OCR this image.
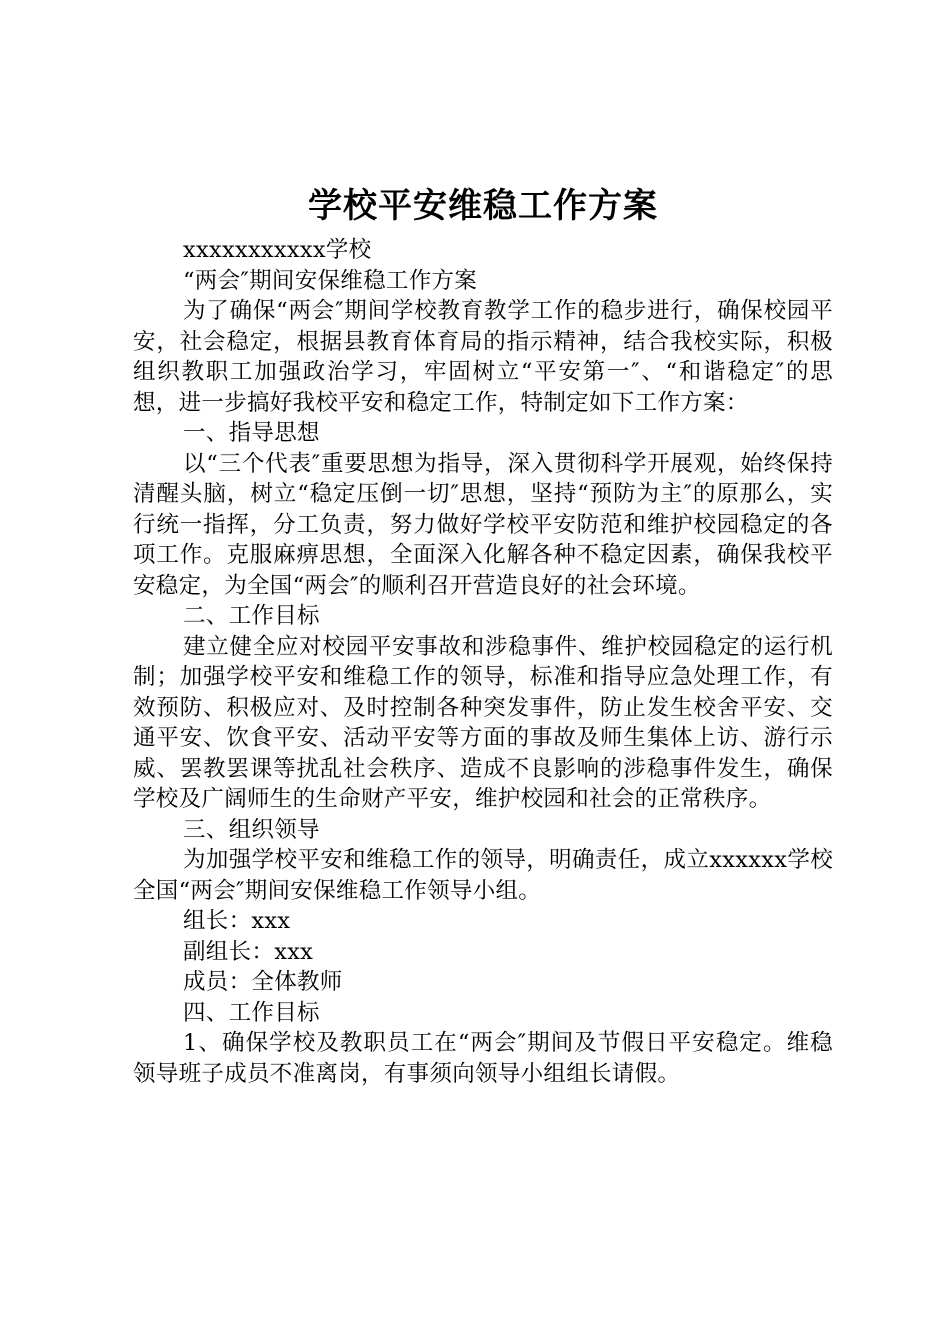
学校平安维稳工作方案

xxxxxxxxxxx学校

“两会″期间安保维稳工作方案

为了确保“两会″期间学校教育教学工作的稳步进行，确保校园平安，社会稳定，根据县教育体育局的指示精神，结合我校实际，积极组织教职工加强政治学习，牢固树立“平安第一″、“和谐稳定″的思想，进一步搞好我校平安和稳定工作，特制定如下工作方案：

一、指导思想

以“三个代表″重要思想为指导，深入贯彻科学开展观，始终保持清醒头脑，树立“稳定压倒一切″思想，坚持“预防为主″的原那么，实行统一指挥，分工负责，努力做好学校平安防范和维护校园稳定的各项工作。克服麻痹思想，全面深入化解各种不稳定因素，确保我校平安稳定，为全国“两会″的顺利召开营造良好的社会环境。

二、工作目标

建立健全应对校园平安事故和涉稳事件、维护校园稳定的运行机制；加强学校平安和维稳工作的领导，标准和指导应急处理工作，有效预防、积极应对、及时控制各种突发事件，防止发生校舍平安、交通平安、饮食平安、活动平安等方面的事故及师生集体上访、游行示威、罢教罢课等扰乱社会秩序、造成不良影响的涉稳事件发生，确保学校及广阔师生的生命财产平安，维护校园和社会的正常秩序。

三、组织领导

为加强学校平安和维稳工作的领导，明确责任，成立xxxxxx学校全国“两会″期间安保维稳工作领导小组。

组长：xxx

副组长：xxx

成员：全体教师

四、工作目标

1、确保学校及教职员工在“两会″期间及节假日平安稳定。维稳领导班子成员不准离岗，有事须向领导小组组长请假。
